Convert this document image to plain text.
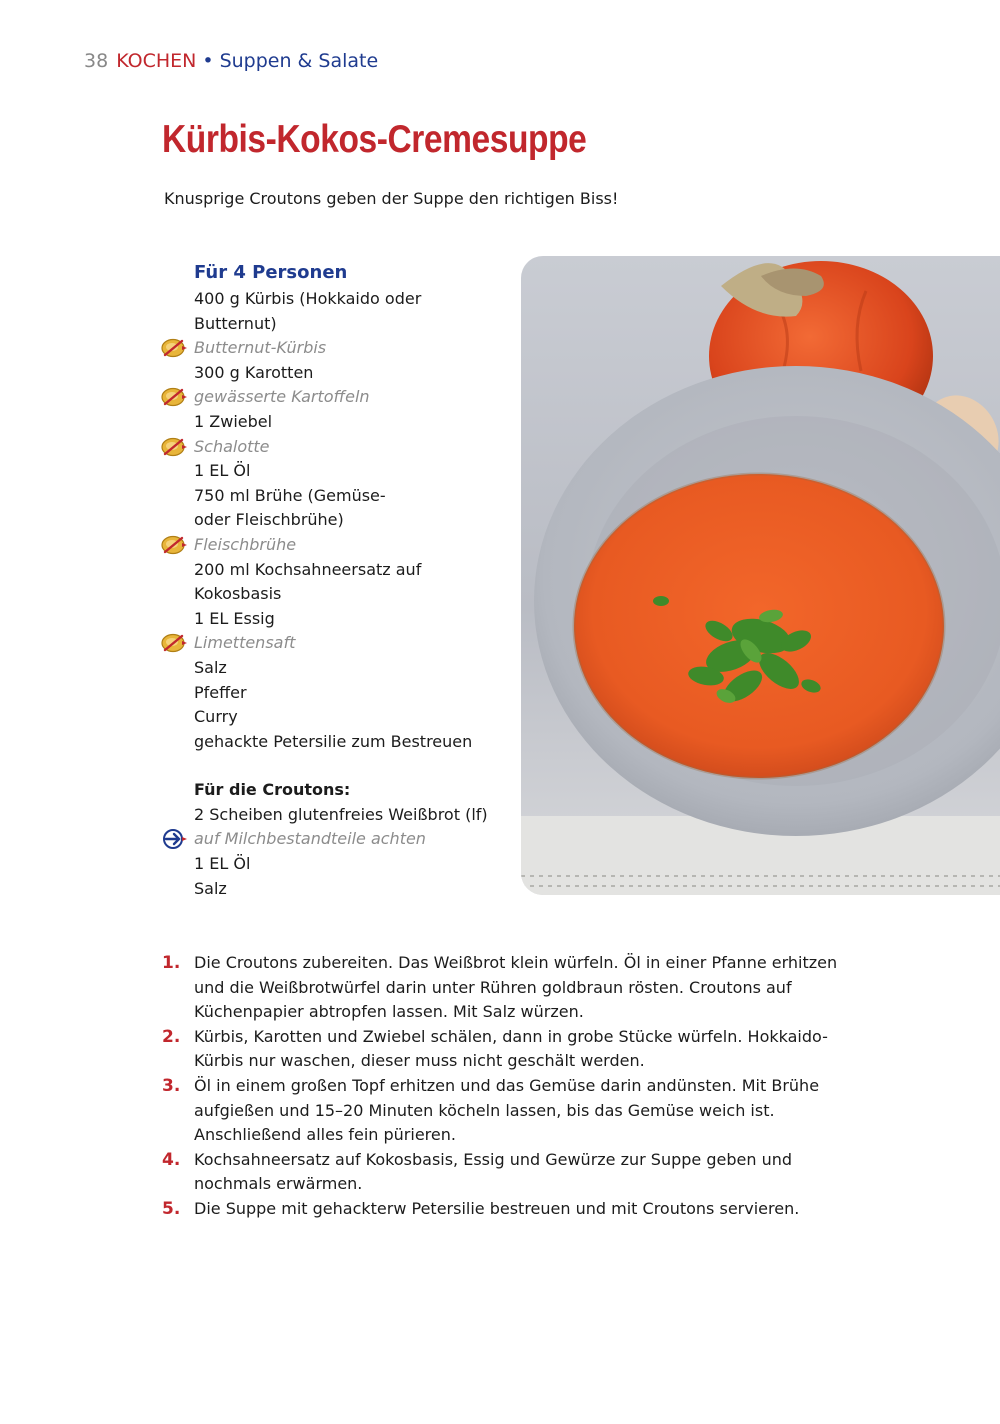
38 KOCHEN • Suppen & Salate
Kürbis-Kokos-Cremesuppe

Knusprige Croutons geben der Suppe den richtigen Biss!

Für 4 Personen
400 g Kürbis (Hokkaido oder
Butternut)
Butternut-Kürbis
300 g Karotten
gewässerte Kartoffeln
1 Zwiebel
Schalotte
1 EL Öl
750 ml Brühe (Gemüse-
oder Fleischbrühe)
Fleischbrühe
200 ml Kochsahneersatz auf
Kokosbasis
1 EL Essig
Limettensaft
Salz
Pfeffer
Curry
gehackte Petersilie zum Bestreuen
Für die Croutons:
2 Scheiben glutenfreies Weißbrot (lf)
auf Milchbestandteile achten
1 EL Öl
Salz
1. Die Croutons zubereiten. Das Weißbrot klein würfeln. Öl in einer Pfanne erhitzen und die Weißbrotwürfel darin unter Rühren goldbraun rösten. Croutons auf Küchenpapier abtropfen lassen. Mit Salz würzen.
2. Kürbis, Karotten und Zwiebel schälen, dann in grobe Stücke würfeln. Hokkaido-Kürbis nur waschen, dieser muss nicht geschält werden.
3. Öl in einem großen Topf erhitzen und das Gemüse darin andünsten. Mit Brühe aufgießen und 15–20 Minuten köcheln lassen, bis das Gemüse weich ist. Anschließend alles fein pürieren.
4. Kochsahneersatz auf Kokosbasis, Essig und Gewürze zur Suppe geben und nochmals erwärmen.
5. Die Suppe mit gehackterw Petersilie bestreuen und mit Croutons servieren.
